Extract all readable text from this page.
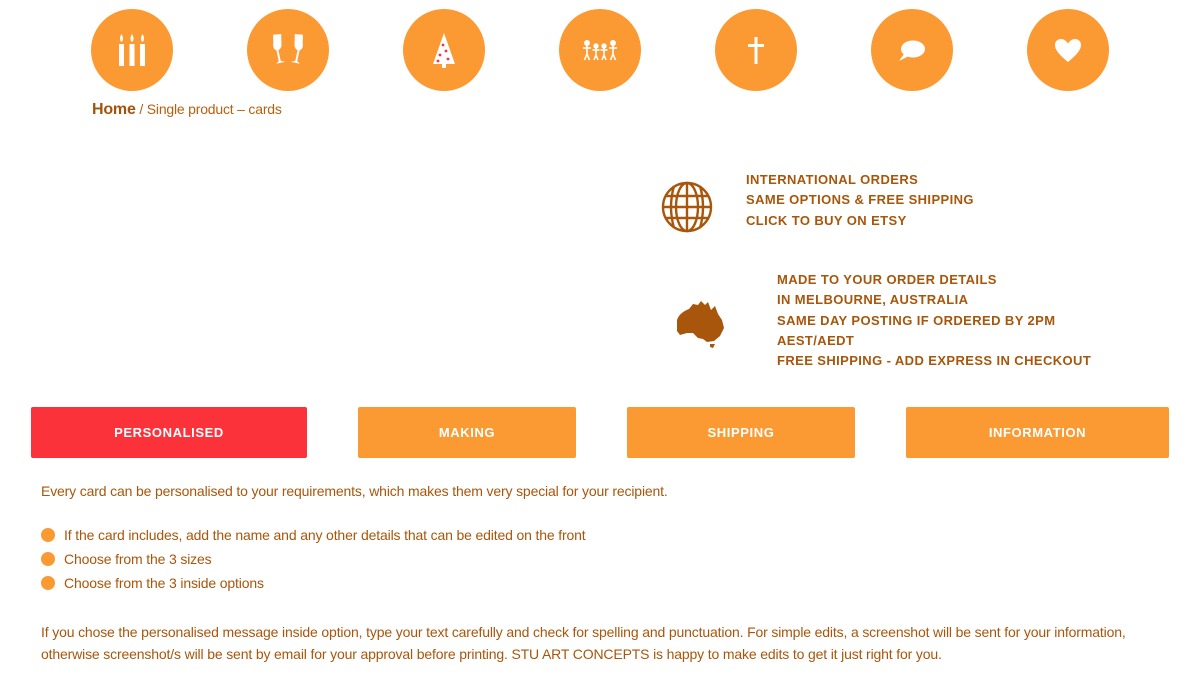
Home / Single product – cards
INTERNATIONAL ORDERS
SAME OPTIONS & FREE SHIPPING
CLICK TO BUY ON ETSY
MADE TO YOUR ORDER DETAILS
IN MELBOURNE, AUSTRALIA
SAME DAY POSTING IF ORDERED BY 2PM
AEST/AEDT
FREE SHIPPING - ADD EXPRESS IN CHECKOUT
PERSONALISED	MAKING	SHIPPING	INFORMATION
Every card can be personalised to your requirements, which makes them very special for your recipient.
If the card includes, add the name and any other details that can be edited on the front
Choose from the 3 sizes
Choose from the 3 inside options
If you chose the personalised message inside option, type your text carefully and check for spelling and punctuation. For simple edits, a screenshot will be sent for your information, otherwise screenshot/s will be sent by email for your approval before printing. STU ART CONCEPTS is happy to make edits to get it just right for you.
